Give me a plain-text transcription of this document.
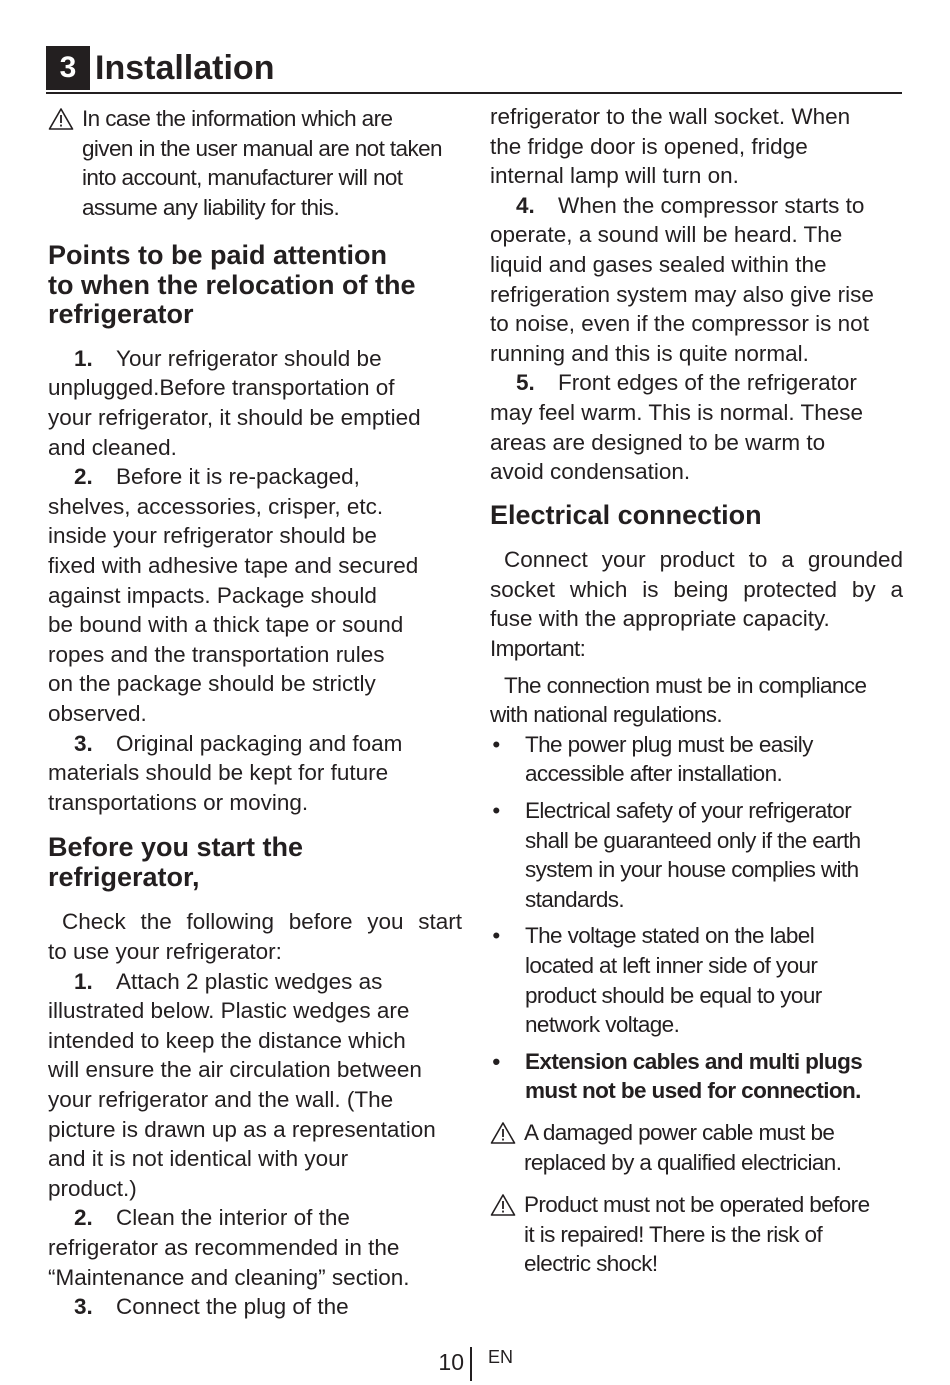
3 Installation
In case the information which are
given in the user manual are not taken
into account, manufacturer will not
assume any liability for this.
Points to be paid attention
to when the relocation of the
refrigerator
1. Your refrigerator should be
unplugged.Before transportation of
your refrigerator, it should be emptied
and cleaned.
2. Before it is re-packaged,
shelves, accessories, crisper, etc.
inside your refrigerator should be
fixed with adhesive tape and secured
against impacts. Package should
be bound with a thick tape or sound
ropes and the transportation rules
on the package should be strictly
observed.
3. Original packaging and foam
materials should be kept for future
transportations or moving.
Before you start the
refrigerator,
Check the following before you start
to use your refrigerator:
1. Attach 2 plastic wedges as
illustrated below. Plastic wedges are
intended to keep the distance which
will ensure the air circulation between
your refrigerator and the wall. (The
picture is drawn up as a representation
and it is not identical with your
product.)
2. Clean the interior of the
refrigerator as recommended in the
“Maintenance and cleaning” section.
3. Connect the plug of the
refrigerator to the wall socket. When
the fridge door is opened, fridge
internal lamp will turn on.
4. When the compressor starts to
operate, a sound will be heard. The
liquid and gases sealed within the
refrigeration system may also give rise
to noise, even if the compressor is not
running and this is quite normal.
5. Front edges of the refrigerator
may feel warm. This is normal. These
areas are designed to be warm to
avoid condensation.
Electrical connection
Connect your product to a grounded
socket which is being protected by a
fuse with the appropriate capacity.
Important:
The connection must be in compliance
with national regulations.
• The power plug must be easily
accessible after installation.
• Electrical safety of your refrigerator
shall be guaranteed only if the earth
system in your house complies with
standards.
• The voltage stated on the label
located at left inner side of your
product should be equal to your
network voltage.
• Extension cables and multi plugs
must not be used for connection.
A damaged power cable must be
replaced by a qualified electrician.
Product must not be operated before
it is repaired! There is the risk of
electric shock!
10 EN
